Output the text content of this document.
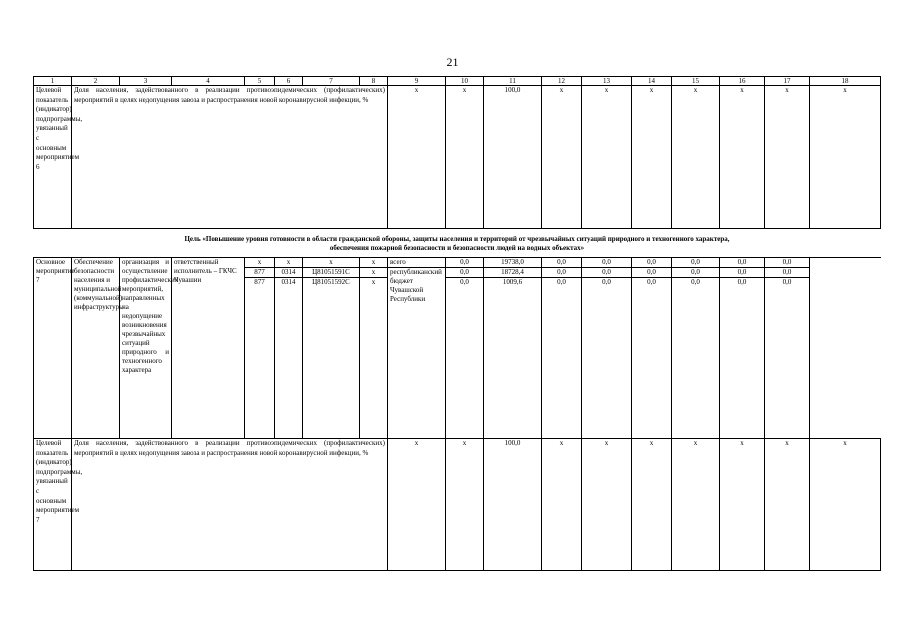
21
1	2	3	4	5	6	7	8	9	10	11	12	13	14	15	16	17	18
Целевой показатель (индикатор) подпрограммы, увязанный с основным мероприятием 6	Доля населения, задействованного в реализации противоэпидемических (профилактических) мероприятий в целях недопущения завоза и распространения новой коронавирусной инфекции, %							x	x	100,0	x	x	x	x	x	x	x

Цель «Повышение уровня готовности в области гражданской обороны, защиты населения и территорий от чрезвычайных ситуаций природного и техногенного характера,
обеспечения пожарной безопасности и безопасности людей на водных объектах»																	

Основное мероприятие 7	Обеспечение безопасности населения и муниципальной (коммунальной) инфраструктуры	организация и осуществление профилактических мероприятий, направленных на недопущение возникновения чрезвычайных ситуаций природного и техногенного характера	ответственный исполнитель – ГКЧС Чувашии	x	x	x	x	всего	0,0	19738,0	0,0	0,0	0,0	0,0	0,0	0,0	
				877	0314	Ц81051591С	x	республиканский бюджет Чувашской Республики	0,0	18728,4	0,0	0,0	0,0	0,0	0,0	0,0	
				877	0314	Ц81051592С	x		0,0	1009,6	0,0	0,0	0,0	0,0	0,0	0,0	
Целевой показатель (индикатор) подпрограммы, увязанный с основным мероприятием 7	Доля населения, задействованного в реализации противоэпидемических (профилактических) мероприятий в целях недопущения завоза и распространения новой коронавирусной инфекции, %							x	x	100,0	x	x	x	x	x	x	x
